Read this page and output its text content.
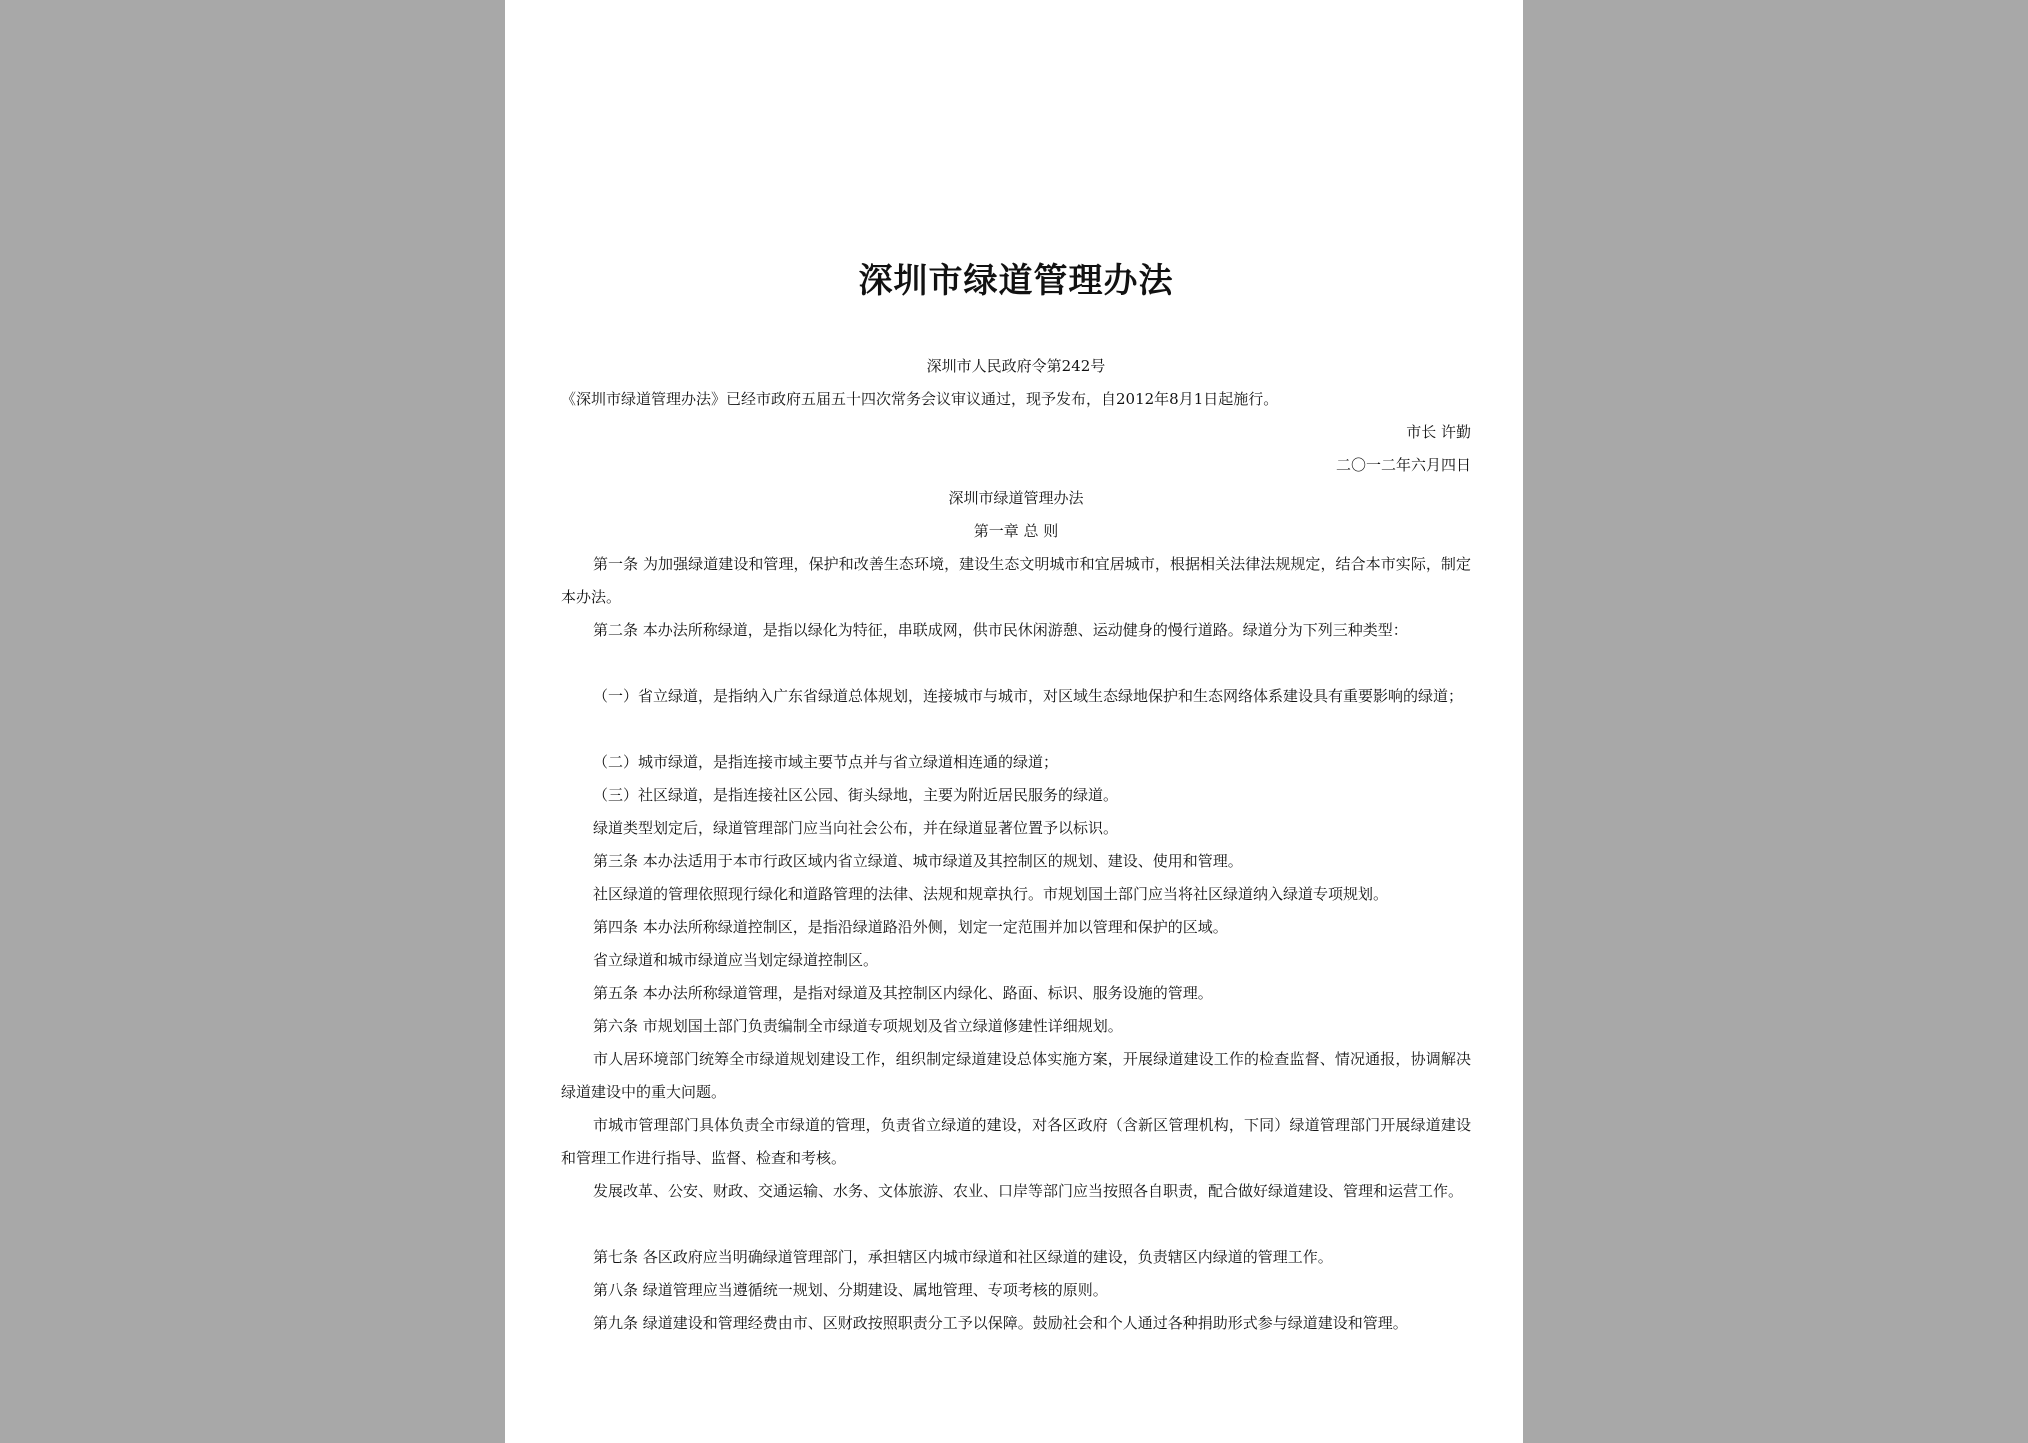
深圳市绿道管理办法
深圳市人民政府令第242号
《深圳市绿道管理办法》已经市政府五届五十四次常务会议审议通过，现予发布，自2012年8月1日起施行。
市长 许勤
二〇一二年六月四日
深圳市绿道管理办法
第一章 总 则
第一条 为加强绿道建设和管理，保护和改善生态环境，建设生态文明城市和宜居城市，根据相关法律法规规定，结合本市实际，制定本办法。
第二条 本办法所称绿道，是指以绿化为特征，串联成网，供市民休闲游憩、运动健身的慢行道路。绿道分为下列三种类型：
（一）省立绿道，是指纳入广东省绿道总体规划，连接城市与城市，对区域生态绿地保护和生态网络体系建设具有重要影响的绿道；
（二）城市绿道，是指连接市域主要节点并与省立绿道相连通的绿道；
（三）社区绿道，是指连接社区公园、街头绿地，主要为附近居民服务的绿道。
绿道类型划定后，绿道管理部门应当向社会公布，并在绿道显著位置予以标识。
第三条 本办法适用于本市行政区域内省立绿道、城市绿道及其控制区的规划、建设、使用和管理。
社区绿道的管理依照现行绿化和道路管理的法律、法规和规章执行。市规划国土部门应当将社区绿道纳入绿道专项规划。
第四条 本办法所称绿道控制区，是指沿绿道路沿外侧，划定一定范围并加以管理和保护的区域。
省立绿道和城市绿道应当划定绿道控制区。
第五条 本办法所称绿道管理，是指对绿道及其控制区内绿化、路面、标识、服务设施的管理。
第六条 市规划国土部门负责编制全市绿道专项规划及省立绿道修建性详细规划。
市人居环境部门统筹全市绿道规划建设工作，组织制定绿道建设总体实施方案，开展绿道建设工作的检查监督、情况通报，协调解决绿道建设中的重大问题。
市城市管理部门具体负责全市绿道的管理，负责省立绿道的建设，对各区政府（含新区管理机构，下同）绿道管理部门开展绿道建设和管理工作进行指导、监督、检查和考核。
发展改革、公安、财政、交通运输、水务、文体旅游、农业、口岸等部门应当按照各自职责，配合做好绿道建设、管理和运营工作。
第七条 各区政府应当明确绿道管理部门，承担辖区内城市绿道和社区绿道的建设，负责辖区内绿道的管理工作。
第八条 绿道管理应当遵循统一规划、分期建设、属地管理、专项考核的原则。
第九条 绿道建设和管理经费由市、区财政按照职责分工予以保障。鼓励社会和个人通过各种捐助形式参与绿道建设和管理。
